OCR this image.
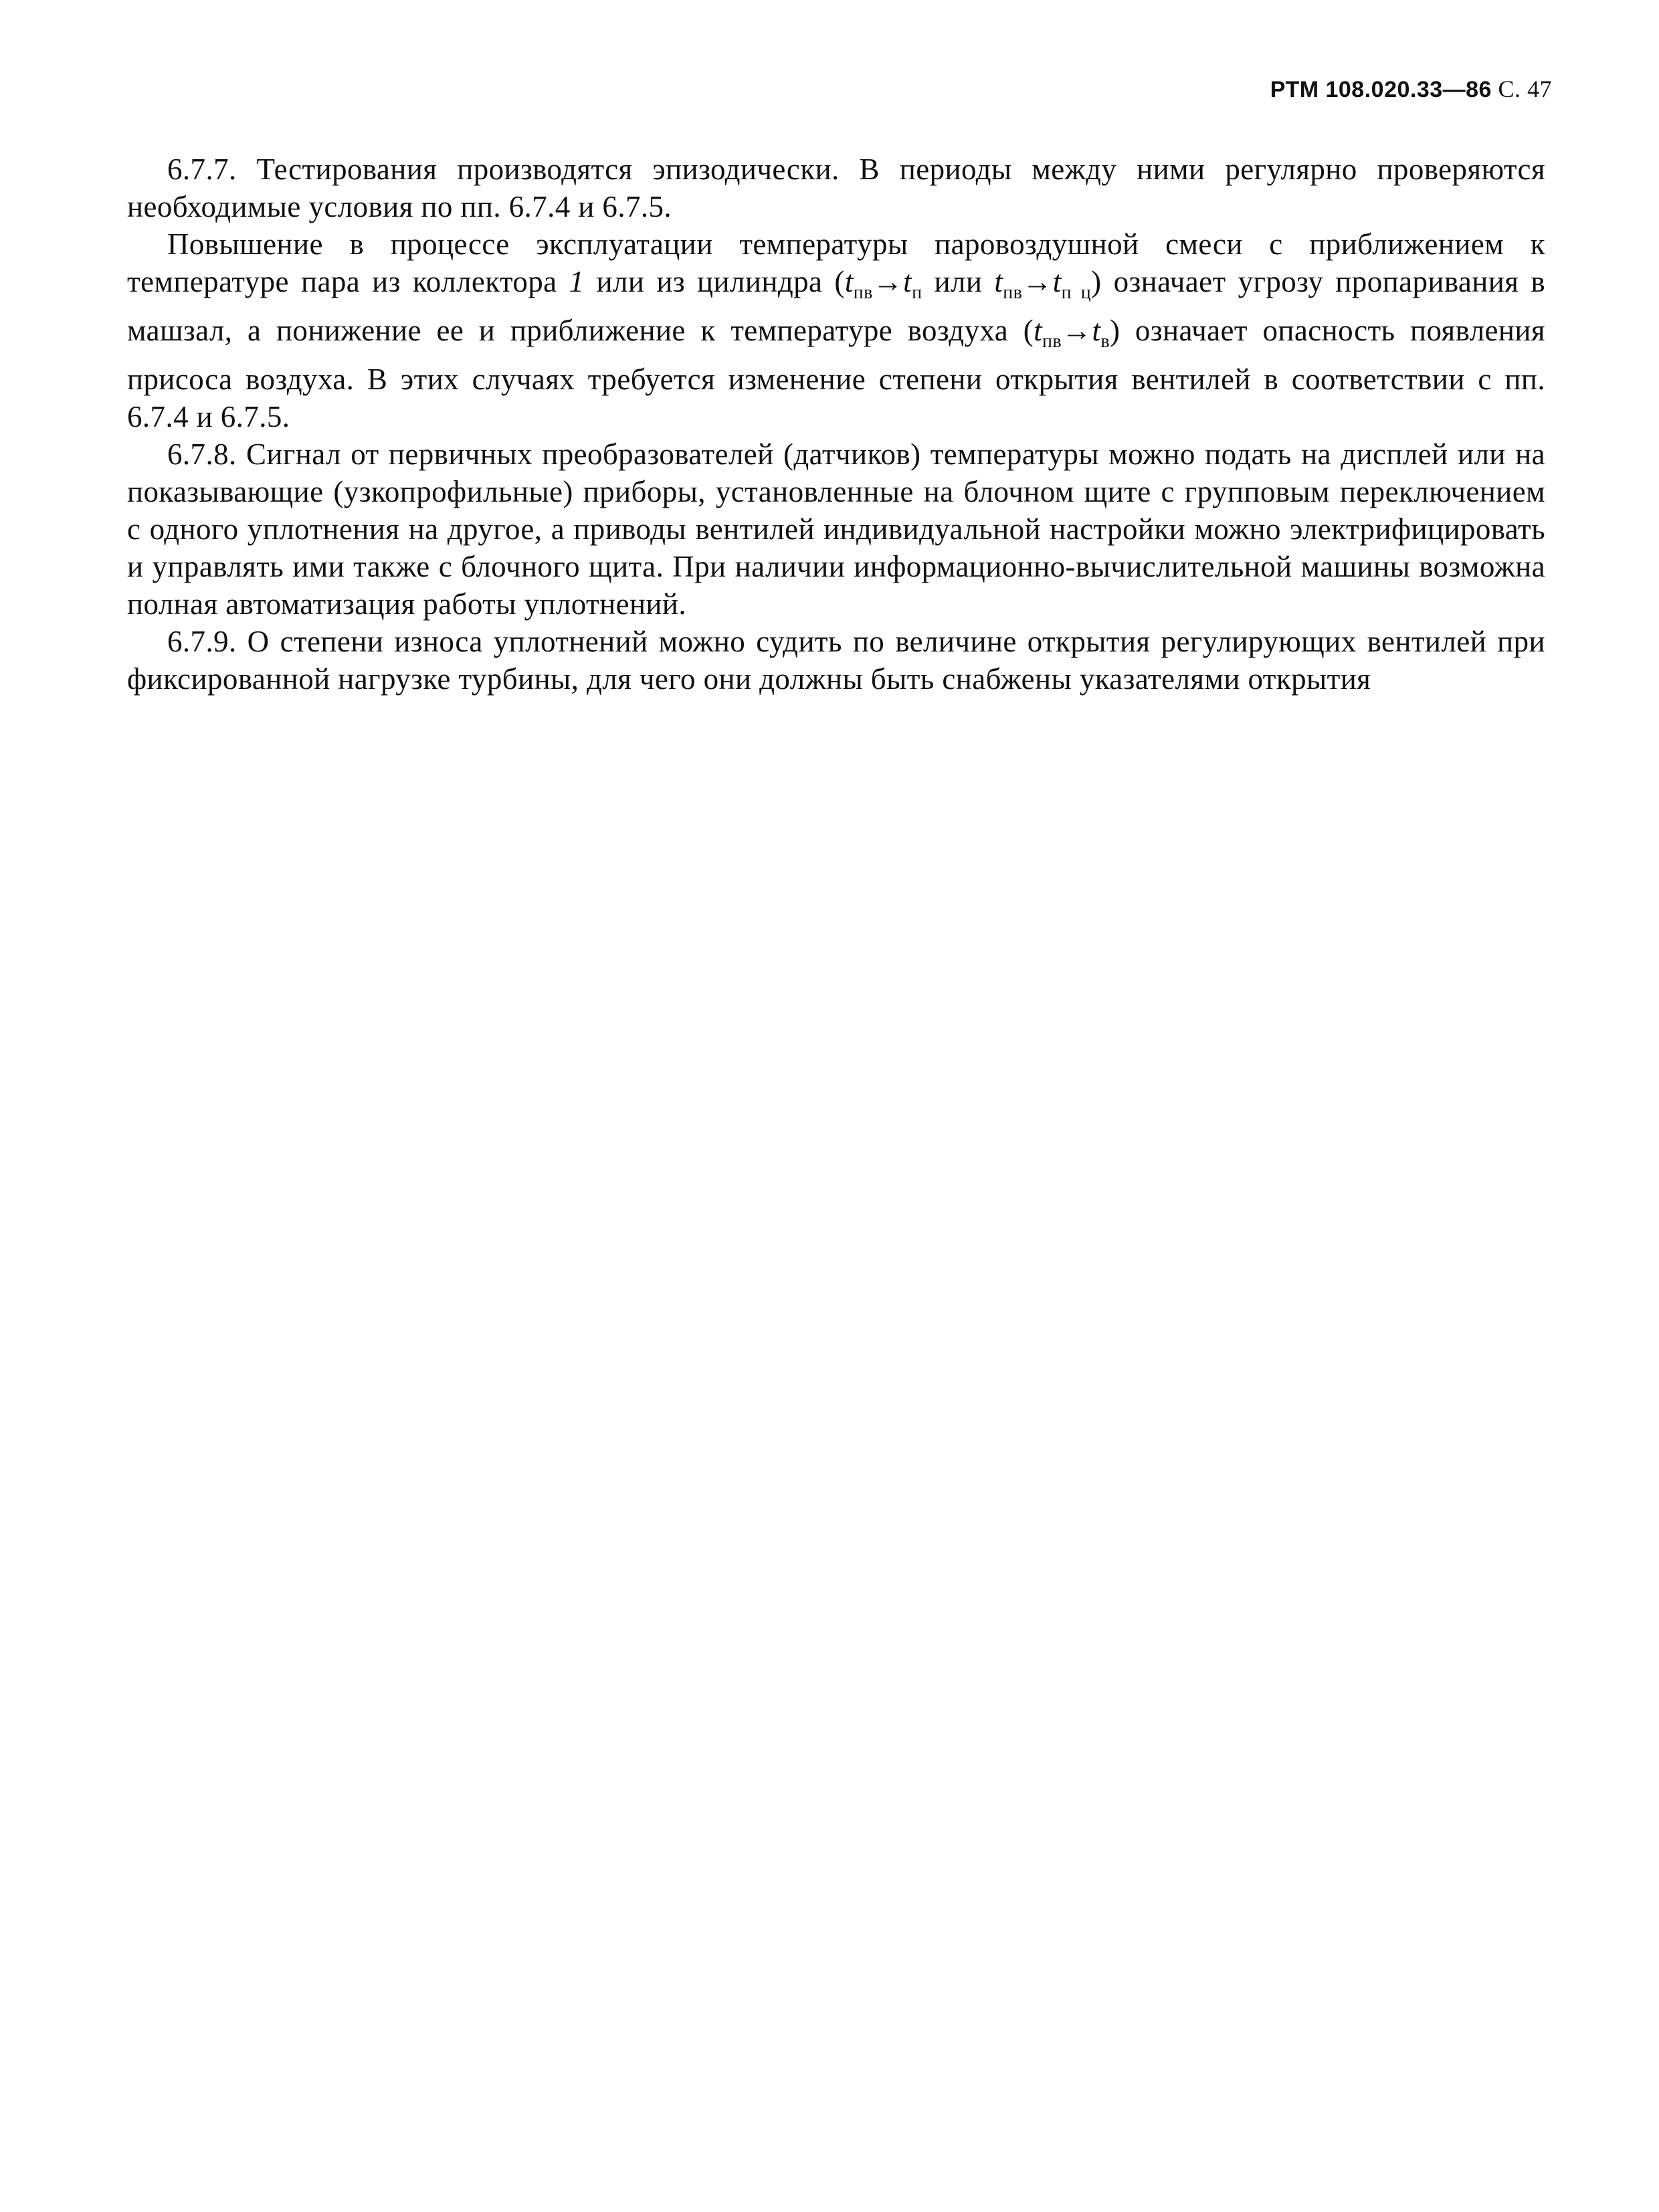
РТМ 108.020.33—86 С. 47

6.7.7. Тестирования производятся эпизодически. В периоды между ними регулярно проверяются необходимые условия по пп. 6.7.4 и 6.7.5.

Повышение в процессе эксплуатации температуры паровоздушной смеси с приближением к температуре пара из коллектора 1 или из цилиндра ($t_{пв}\to t_п$ или $t_{пв}\to t_{п ц}$) означает угрозу пропаривания в машзал, а понижение ее и приближение к температуре воздуха $(t_{пв}\to t_в)$ означает опасность появления присоса воздуха. В этих случаях требуется изменение степени открытия вентилей в соответствии с пп. 6.7.4 и 6.7.5.

6.7.8. Сигнал от первичных преобразователей (датчиков) температуры можно подать на дисплей или на показывающие (узкопрофильные) приборы, установленные на блочном щите с групповым переключением с одного уплотнения на другое, а приводы вентилей индивидуальной настройки можно электрифицировать и управлять ими также с блочного щита. При наличии информационно-вычислительной машины возможна полная автоматизация работы уплотнений.

6.7.9. О степени износа уплотнений можно судить по величине открытия регулирующих вентилей при фиксированной нагрузке турбины, для чего они должны быть снабжены указателями открытия
